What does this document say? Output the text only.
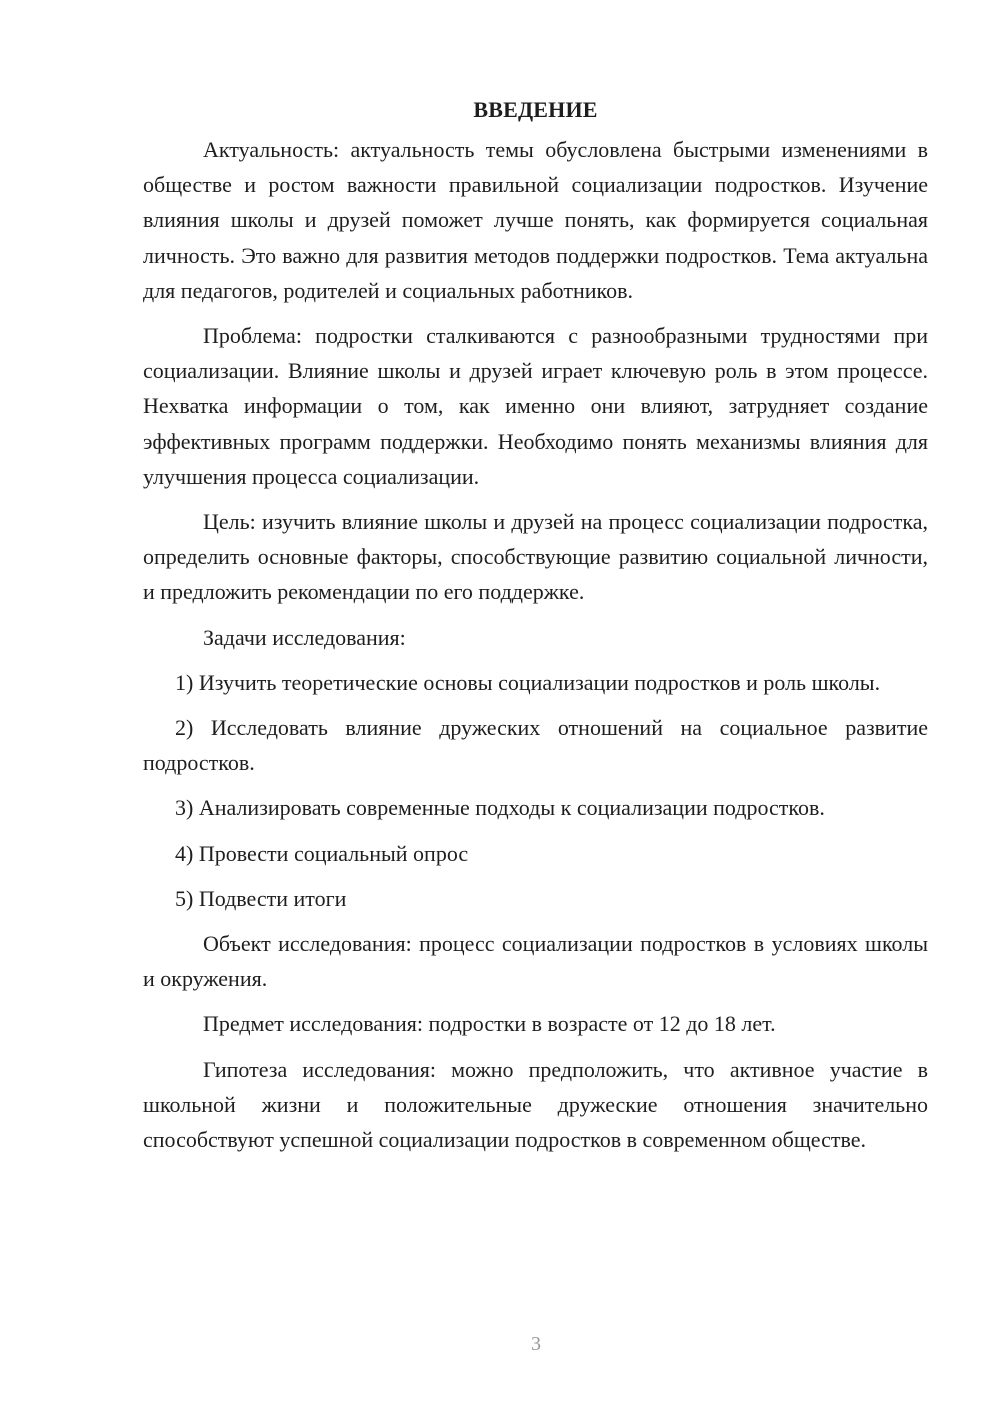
ВВЕДЕНИЕ

Актуальность: актуальность темы обусловлена быстрыми изменениями в обществе и ростом важности правильной социализации подростков. Изучение влияния школы и друзей поможет лучше понять, как формируется социальная личность. Это важно для развития методов поддержки подростков. Тема актуальна для педагогов, родителей и социальных работников.

Проблема: подростки сталкиваются с разнообразными трудностями при социализации. Влияние школы и друзей играет ключевую роль в этом процессе. Нехватка информации о том, как именно они влияют, затрудняет создание эффективных программ поддержки. Необходимо понять механизмы влияния для улучшения процесса социализации.

Цель: изучить влияние школы и друзей на процесс социализации подростка, определить основные факторы, способствующие развитию социальной личности, и предложить рекомендации по его поддержке.

Задачи исследования:

1) Изучить теоретические основы социализации подростков и роль школы.

2) Исследовать влияние дружеских отношений на социальное развитие подростков.

3) Анализировать современные подходы к социализации подростков.

4) Провести социальный опрос

5) Подвести итоги

Объект исследования: процесс социализации подростков в условиях школы и окружения.

Предмет исследования: подростки в возрасте от 12 до 18 лет.

Гипотеза исследования: можно предположить, что активное участие в школьной жизни и положительные дружеские отношения значительно способствуют успешной социализации подростков в современном обществе.

3
